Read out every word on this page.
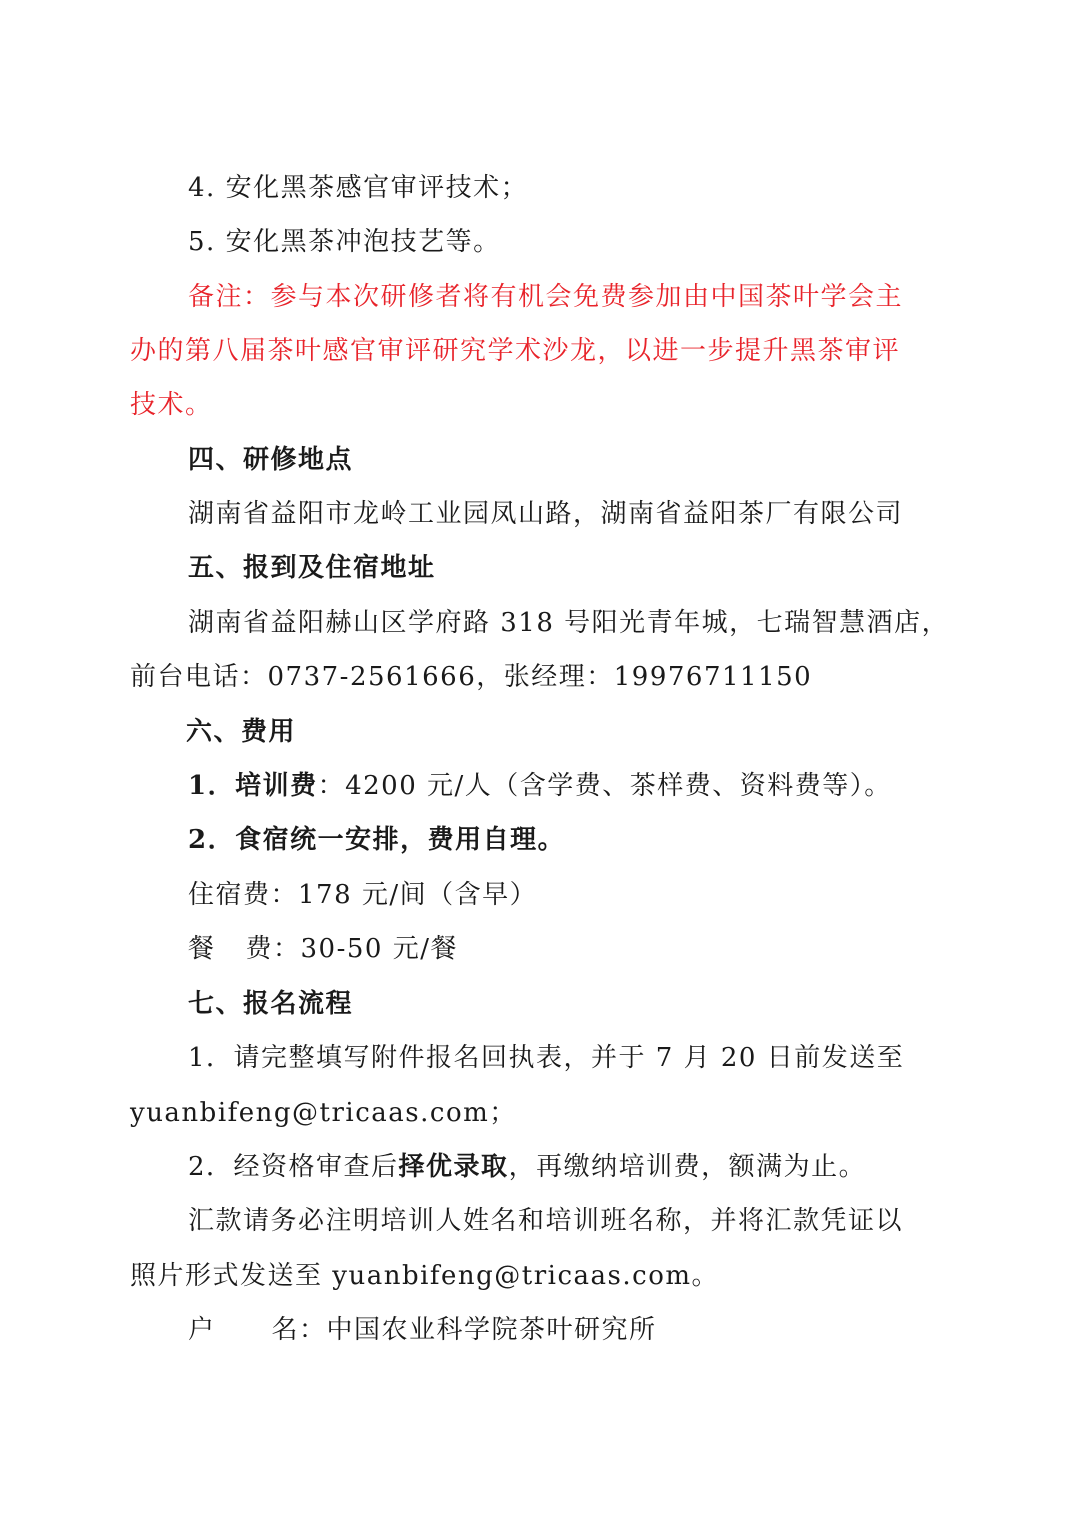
4. 安化黑茶感官审评技术；
5. 安化黑茶冲泡技艺等。
备注：参与本次研修者将有机会免费参加由中国茶叶学会主
办的第八届茶叶感官审评研究学术沙龙，以进一步提升黑茶审评
技术。
四、研修地点
湖南省益阳市龙岭工业园凤山路，湖南省益阳茶厂有限公司
五、报到及住宿地址
湖南省益阳赫山区学府路 318 号阳光青年城，七瑞智慧酒店，
前台电话：0737-2561666，张经理：19976711150
六、费用
1．培训费：4200 元/人（含学费、茶样费、资料费等）。
2．食宿统一安排，费用自理。
住宿费：178 元/间（含早）
餐 费：30-50 元/餐
七、报名流程
1．请完整填写附件报名回执表，并于 7 月 20 日前发送至
yuanbifeng@tricaas.com；
2．经资格审查后择优录取，再缴纳培训费，额满为止。
汇款请务必注明培训人姓名和培训班名称，并将汇款凭证以
照片形式发送至 yuanbifeng@tricaas.com。
户 名：中国农业科学院茶叶研究所
